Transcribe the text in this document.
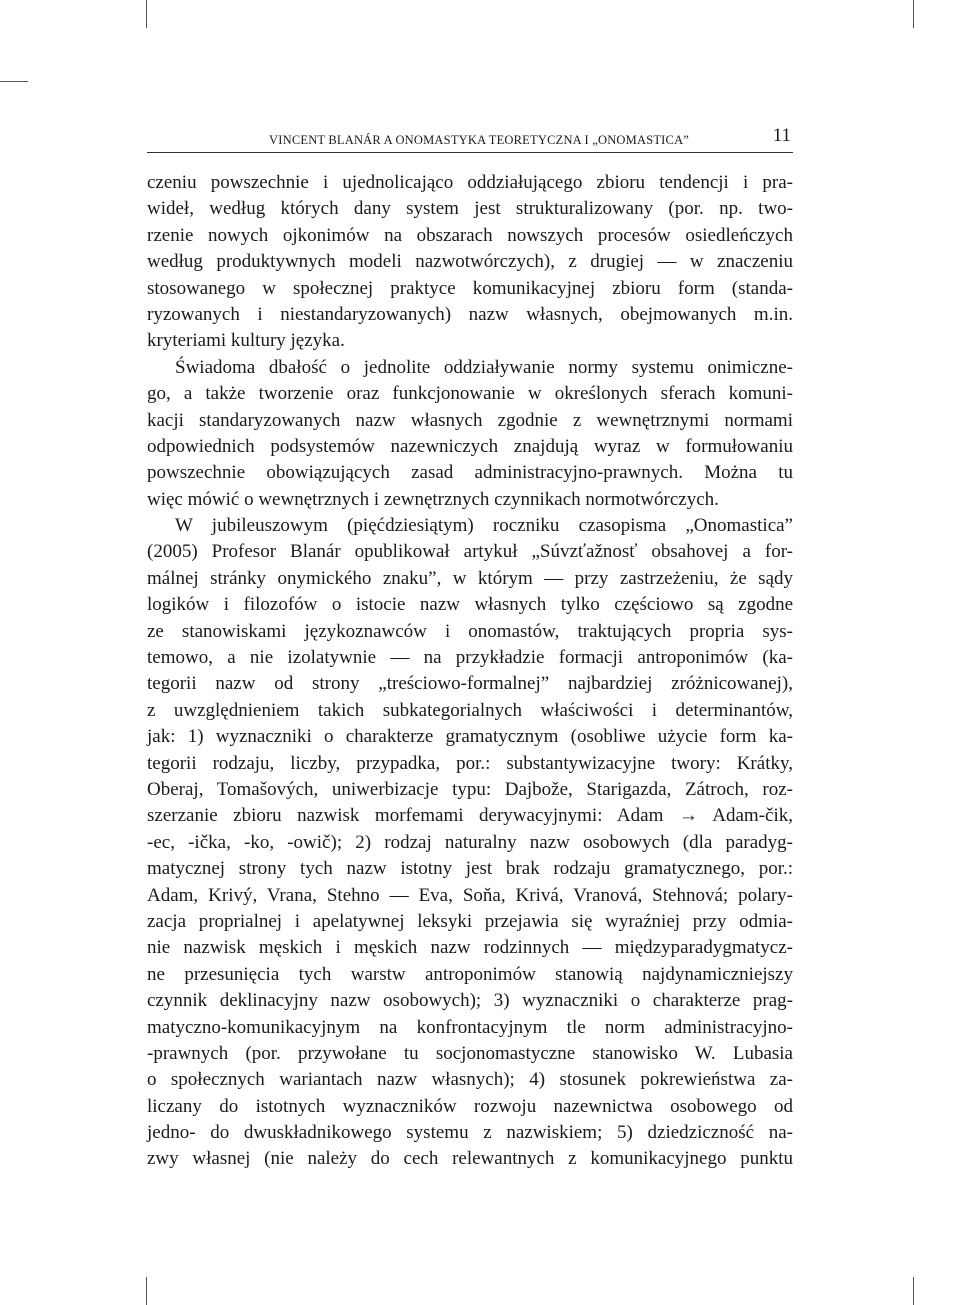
VINCENT BLANÁR A ONOMASTYKA TEORETYCZNA I „ONOMASTICA”	11
czeniu powszechnie i ujednolicająco oddziałującego zbioru tendencji i pra-
wideł, według których dany system jest strukturalizowany (por. np. two-
rzenie nowych ojkonimów na obszarach nowszych procesów osiedleńczych
według produktywnych modeli nazwotwórczych), z drugiej — w znaczeniu
stosowanego w społecznej praktyce komunikacyjnej zbioru form (standa-
ryzowanych i niestandaryzowanych) nazw własnych, obejmowanych m.in.
kryteriami kultury języka.
Świadoma dbałość o jednolite oddziaływanie normy systemu onimiczne-
go, a także tworzenie oraz funkcjonowanie w określonych sferach komuni-
kacji standaryzowanych nazw własnych zgodnie z wewnętrznymi normami
odpowiednich podsystemów nazewniczych znajdują wyraz w formułowaniu
powszechnie obowiązujących zasad administracyjno-prawnych. Można tu
więc mówić o wewnętrznych i zewnętrznych czynnikach normotwórczych.
W jubileuszowym (pięćdziesiątym) roczniku czasopisma „Onomastica”
(2005) Profesor Blanár opublikował artykuł „Súvzťažnosť obsahovej a for-
málnej stránky onymického znaku”, w którym — przy zastrzeżeniu, że sądy
logików i filozofów o istocie nazw własnych tylko częściowo są zgodne
ze stanowiskami językoznawców i onomastów, traktujących propria sys-
temowo, a nie izolatywnie — na przykładzie formacji antroponimów (ka-
tegorii nazw od strony „treściowo-formalnej” najbardziej zróżnicowanej),
z uwzględnieniem takich subkategorialnych właściwości i determinantów,
jak: 1) wyznaczniki o charakterze gramatycznym (osobliwe użycie form ka-
tegorii rodzaju, liczby, przypadka, por.: substantywizacyjne twory: Krátky,
Oberaj, Tomašových, uniwerbizacje typu: Dajbože, Starigazda, Zátroch, roz-
szerzanie zbioru nazwisk morfemami derywacyjnymi: Adam → Adam-čik,
-ec, -ička, -ko, -owič); 2) rodzaj naturalny nazw osobowych (dla paradyg-
matycznej strony tych nazw istotny jest brak rodzaju gramatycznego, por.:
Adam, Krivý, Vrana, Stehno — Eva, Soňa, Krivá, Vranová, Stehnová; polary-
zacja proprialnej i apelatywnej leksyki przejawia się wyraźniej przy odmia-
nie nazwisk męskich i męskich nazw rodzinnych — międzyparadygmatycz-
ne przesunięcia tych warstw antroponimów stanowią najdynamiczniejszy
czynnik deklinacyjny nazw osobowych); 3) wyznaczniki o charakterze prag-
matyczno-komunikacyjnym na konfrontacyjnym tle norm administracyjno-
-prawnych (por. przywołane tu socjonomastyczne stanowisko W. Lubasia
o społecznych wariantach nazw własnych); 4) stosunek pokrewieństwa za-
liczany do istotnych wyznaczników rozwoju nazewnictwa osobowego od
jedno- do dwuskładnikowego systemu z nazwiskiem; 5) dziedziczność na-
zwy własnej (nie należy do cech relewantnych z komunikacyjnego punktu
